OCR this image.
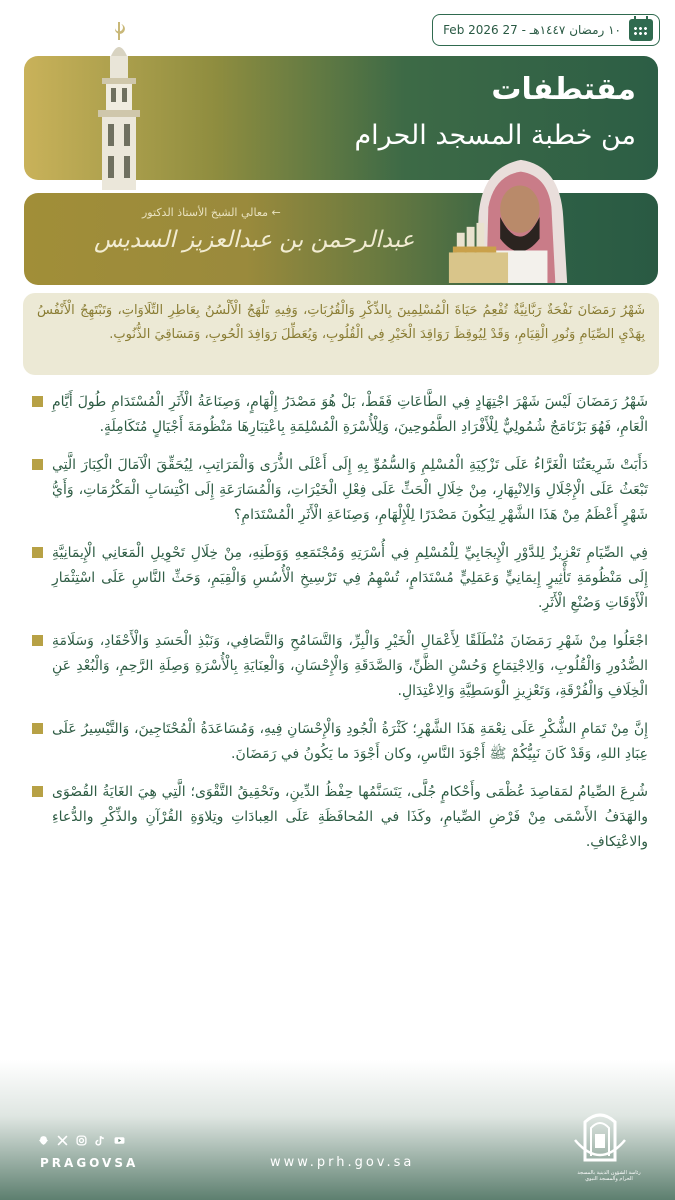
١٠ رمضان ١٤٤٧هـ - 27 Feb 2026
مقتطفات
من خطبة المسجد الحرام
← معالي الشيخ الأستاذ الدكتور
عبدالرحمن بن عبدالعزيز السديس

شَهْرُ رَمَضَانَ نَفْحَةٌ رَبَّانِيَّةٌ تُفْعِمُ حَيَاةَ الْمُسْلِمِينَ بِالذِّكْرِ وَالْقُرُبَاتِ، وَفِيهِ تَلْهَجُ الْأَلْسُنُ بِعَاطِرِ التِّلَاوَاتِ، وَتَبْتَهِجُ الْأَنْفُسُ بِهَدْيِ الصِّيَامِ وَنُورِ الْقِيَامِ، وَقَدْ لِيُوقِظَ رَوَاقِدَ الْخَيْرِ فِي الْقُلُوبِ، وَيُعَطِّلَ رَوَافِدَ الْحُوبِ، وَمَسَاقِيَ الذُّنُوبِ.

شَهْرُ رَمَضَانَ لَيْسَ شَهْرَ اجْتِهَادٍ فِي الطَّاعَاتِ فَقَطْ، بَلْ هُوَ مَصْدَرُ إِلْهَامٍ، وَصِنَاعَةُ الْأَثَرِ الْمُسْتَدَامِ طُولَ أَيَّامِ الْعَامِ، فَهُوَ بَرْنَامَجٌ شُمُولِيٌّ لِلْأَفْرَادِ الطَّمُوحِينَ، وَلِلْأُسْرَةِ الْمُسْلِمَةِ بِاعْتِبَارِهَا مَنْظُومَةَ أَجْيَالٍ مُتَكَامِلَةٍ.

دَأَبَتْ شَرِيعَتُنَا الْغَرَّاءُ عَلَى تَزْكِيَةِ الْمُسْلِمِ وَالسُّمُوِّ بِهِ إِلَى أَعْلَى الذُّرَى وَالْمَرَاتِبِ، لِيُحَقِّقَ الْآمَالَ الْكِبَارَ الَّتِي تَبْعَثُ عَلَى الْإِجْلَالِ وَالِانْبِهَارِ، مِنْ خِلَالِ الْحَثِّ عَلَى فِعْلِ الْخَيْرَاتِ، وَالْمُسَارَعَةِ إِلَى اكْتِسَابِ الْمَكْرُمَاتِ، وَأَيُّ شَهْرٍ أَعْظَمُ مِنْ هَذَا الشَّهْرِ لِيَكُونَ مَصْدَرًا لِلْإِلْهَامِ، وَصِنَاعَةِ الْأَثَرِ الْمُسْتَدَامِ؟

فِي الصِّيَامِ تَعْزِيزٌ لِلدَّوْرِ الْإِيجَابِيِّ لِلْمُسْلِمِ فِي أُسْرَتِهِ وَمُجْتَمَعِهِ وَوَطَنِهِ، مِنْ خِلَالِ تَحْوِيلِ الْمَعَانِي الْإِيمَانِيَّةِ إِلَى مَنْظُومَةِ تَأْثِيرٍ إِيمَانِيٍّ وَعَمَلِيٍّ مُسْتَدَامٍ، تُسْهِمُ فِي تَرْسِيخِ الْأُسُسِ وَالْقِيَمِ، وَحَثِّ النَّاسِ عَلَى اسْتِثْمَارِ الْأَوْقَاتِ وَصُنْعِ الْأَثَرِ.

اجْعَلُوا مِنْ شَهْرِ رَمَضَانَ مُنْطَلَقًا لِأَعْمَالِ الْخَيْرِ وَالْبِرِّ، وَالتَّسَامُحِ وَالتَّصَافِي، وَنَبْذِ الْحَسَدِ وَالْأَحْقَادِ، وَسَلَامَةِ الصُّدُورِ وَالْقُلُوبِ، وَالِاجْتِمَاعِ وَحُسْنِ الظَّنِّ، وَالصَّدَقَةِ وَالْإِحْسَانِ، وَالْعِنَايَةِ بِالْأُسْرَةِ وَصِلَةِ الرَّحِمِ، وَالْبُعْدِ عَنِ الْخِلَافِ وَالْفُرْقَةِ، وَتَعْزِيزِ الْوَسَطِيَّةِ وَالِاعْتِدَالِ.

إِنَّ مِنْ تَمَامِ الشُّكْرِ عَلَى نِعْمَةِ هَذَا الشَّهْرِ؛ كَثْرَةُ الْجُودِ وَالْإِحْسَانِ فِيهِ، وَمُسَاعَدَةُ الْمُحْتَاجِينَ، وَالتَّيْسِيرُ عَلَى عِبَادِ اللهِ، وَقَدْ كَانَ نَبِيُّكُمْ ﷺ أَجْوَدَ النَّاسِ، وكان أَجْوَدَ ما يَكُونُ في رَمَضَانَ.

شُرِعَ الصِّيامُ لمَقاصِدَ عُظْمَى وأَحْكامٍ جُلَّى، يَتَسَنَّمُها حِفْظُ الدِّينِ، وتَحْقِيقُ التَّقْوَى؛ الَّتِي هِيَ الغَايَةُ القُصْوَى والهَدَفُ الأَسْمَى مِنْ فَرْضِ الصِّيامِ، وكَذَا في المُحافَظَةِ عَلَى العِبادَاتِ وتِلاوَةِ القُرْآنِ والذِّكْرِ والدُّعاءِ والاعْتِكافِ.

PRAGOVSA	www.prh.gov.sa
رئاسة الشؤون الدينية بالمسجد الحرام والمسجد النبوي
